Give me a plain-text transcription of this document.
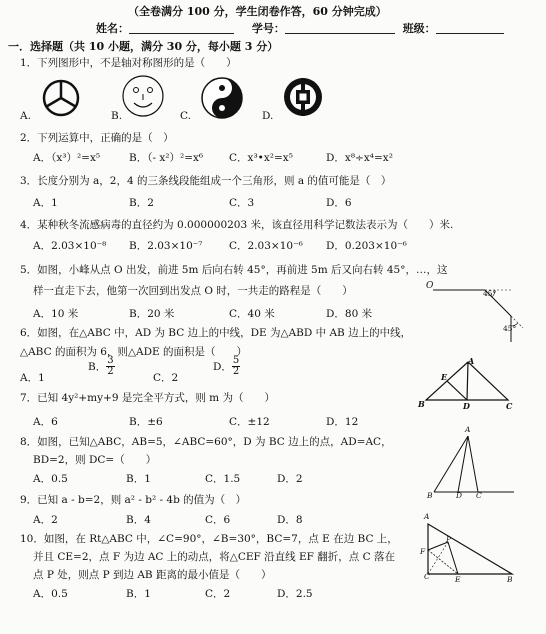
（全卷满分 100 分，学生闭卷作答，60 分钟完成）
姓名：	学号：	班级：
一．选择题（共 10 小题，满分 30 分，每小题 3 分）
1．下列图形中，不是轴对称图形的是（　　）
A.	B.	C.	D.
2．下列运算中，正确的是（　）
A．（x³）²=x⁵	B．（- x²）²=x⁶ C．x³•x²=x⁵	D．x⁸÷x⁴=x²
3．长度分别为 a，2，4 的三条线段能组成一个三角形，则 a 的值可能是（　）
A．1	B．2	C．3	D．6
4．某种秋冬流感病毒的直径约为 0.000000203 米，该直径用科学记数法表示为（　　）米.
A．2.03×10⁻⁸ B．2.03×10⁻⁷	C．2.03×10⁻⁶ D．0.203×10⁻⁶
5．如图，小峰从点 O 出发，前进 5m 后向右转 45°，再前进 5m 后又向右转 45°，…，这
样一直走下去，他第一次回到出发点 O 时，一共走的路程是（　　）
A．10 米	B．20 米	C．40 米	D．80 米
O
45°
45°
6．如图，在△ABC 中，AD 为 BC 边上的中线，DE 为△ABD 中 AB 边上的中线，
△ABC 的面积为 6，则△ADE 的面积是（　　）
A．1
B． $\frac{3}{2}$
C．2
D． $\frac{5}{2}$	A
E
B	D	C
7．已知 4y²+my+9 是完全平方式，则 m 为（　　）
A．6	B．±6	C．±12	D．12
8．如图，已知△ABC，AB=5，∠ABC=60°，D 为 BC 边上的点，AD=AC，
BD=2，则 DC=（　　）
A．0.5	B．1	C．1.5	D．2
A
B	D C
9．已知 a - b=2，则 a² - b² - 4b 的值为（　）
A．2	B．4	C．6	D．8
10．如图，在 Rt△ABC 中，∠C=90°，∠B=30°，BC=7，点 E 在边 BC 上，
并且 CE=2，点 F 为边 AC 上的动点，将△CEF 沿直线 EF 翻折，点 C 落在
点 P 处，则点 P 到边 AB 距离的最小值是（　　）
A．0.5	B．1	C．2	D．2.5
A
P
F
C	E	B
